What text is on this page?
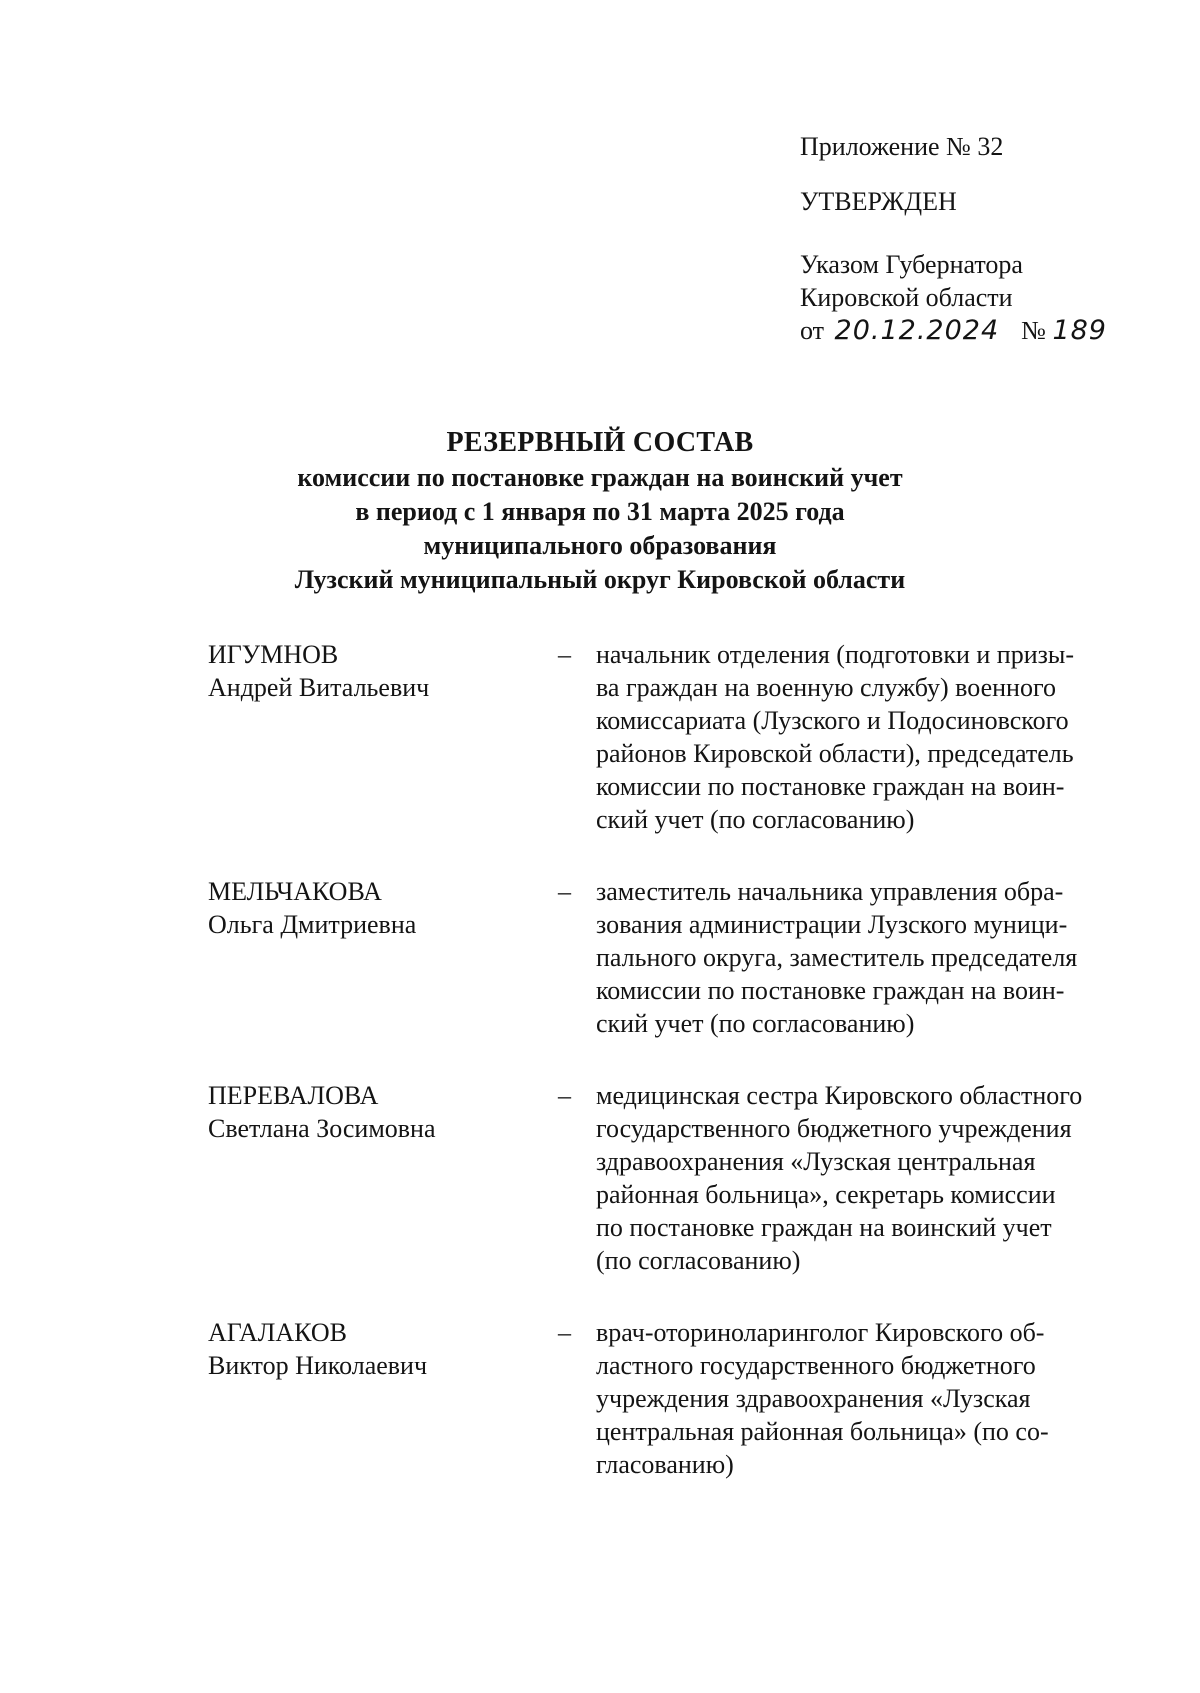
Приложение № 32
УТВЕРЖДЕН
Указом Губернатора
Кировской области
от 20.12.2024 № 189
РЕЗЕРВНЫЙ СОСТАВ
комиссии по постановке граждан на воинский учет
в период с 1 января по 31 марта 2025 года
муниципального образования
Лузский муниципальный округ Кировской области
ИГУМНОВ
Андрей Витальевич
– начальник отделения (подготовки и призы-
ва граждан на военную службу) военного
комиссариата (Лузского и Подосиновского
районов Кировской области), председатель
комиссии по постановке граждан на воин-
ский учет (по согласованию)
МЕЛЬЧАКОВА
Ольга Дмитриевна
– заместитель начальника управления обра-
зования администрации Лузского муници-
пального округа, заместитель председателя
комиссии по постановке граждан на воин-
ский учет (по согласованию)
ПЕРЕВАЛОВА
Светлана Зосимовна
– медицинская сестра Кировского областного
государственного бюджетного учреждения
здравоохранения «Лузская центральная
районная больница», секретарь комиссии
по постановке граждан на воинский учет
(по согласованию)
АГАЛАКОВ
Виктор Николаевич
– врач-оториноларинголог Кировского об-
ластного государственного бюджетного
учреждения здравоохранения «Лузская
центральная районная больница» (по со-
гласованию)
